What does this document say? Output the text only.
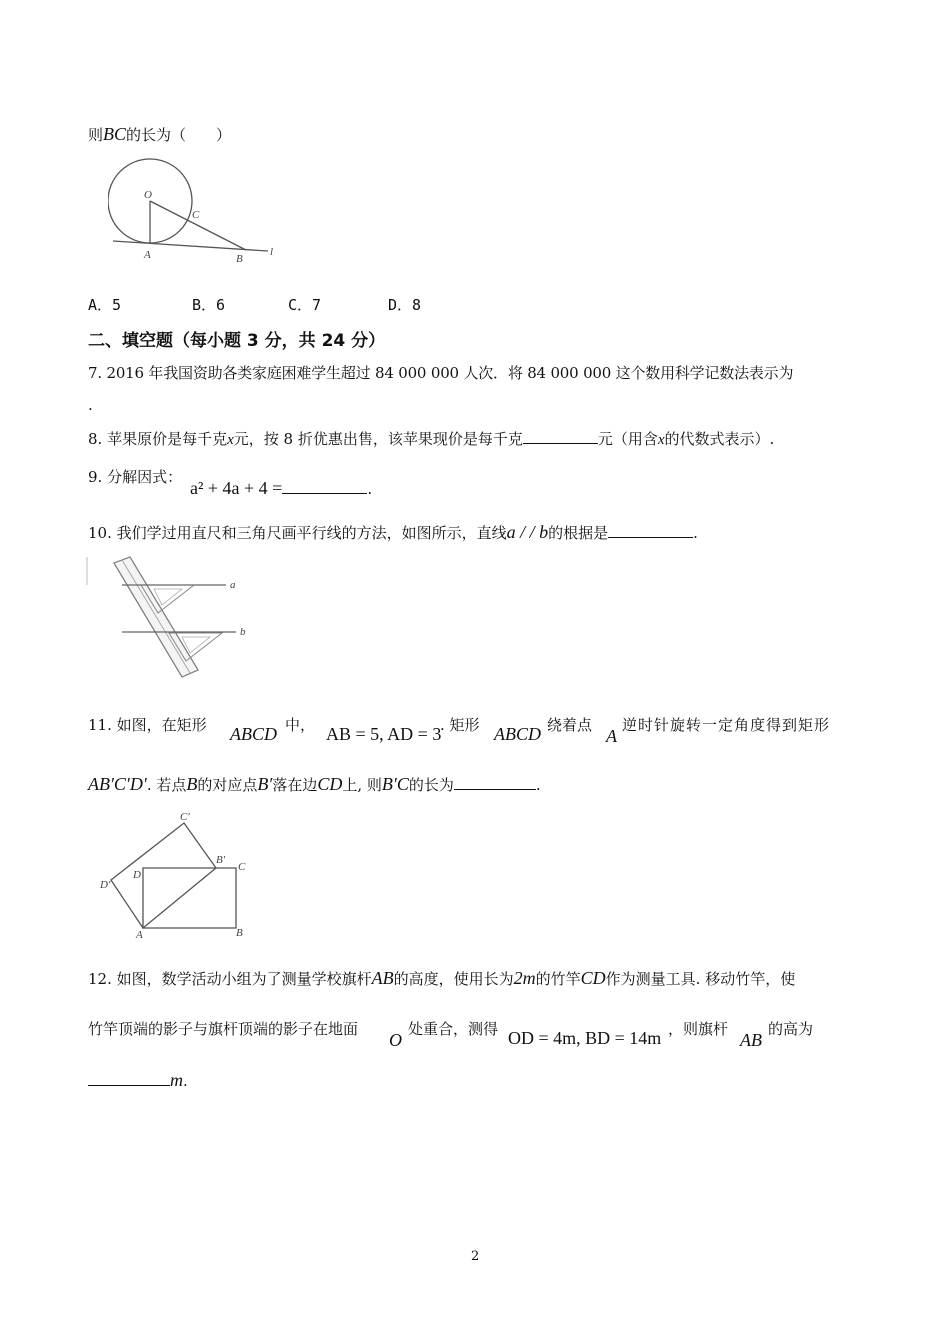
则BC的长为（　　）
O
C
A	B
l
A．5	B．6	C．7	D．8
二、填空题（每小题 3 分，共 24 分）
7. 2016 年我国资助各类家庭困难学生超过 84 000 000 人次．将 84 000 000 这个数用科学记数法表示为
.
8. 苹果原价是每千克x元，按 8 折优惠出售，该苹果现价是每千克	元（用含x的代数式表示）.
9. 分解因式：
a² + 4a + 4 =	.
10. 我们学过用直尺和三角尺画平行线的方法，如图所示，直线a / / b的根据是	.
a
b
11. 如图，在矩形 ABCD 中， AB = 5, AD = 3
. 矩形 ABCD 绕着点
A
逆时针旋转一定角度得到矩形
AB′C′D′. 若点B的对应点B′落在边CD上, 则B′C的长为	.
C′
D′
D
B′
C
A	B
12. 如图，数学活动小组为了测量学校旗杆AB的高度，使用长为2m的竹竿CD作为测量工具. 移动竹竿，使
竹竿顶端的影子与旗杆顶端的影子在地面
O
处重合，测得 OD = 4m, BD = 14m ，则旗杆
AB
的高为
m.
2
